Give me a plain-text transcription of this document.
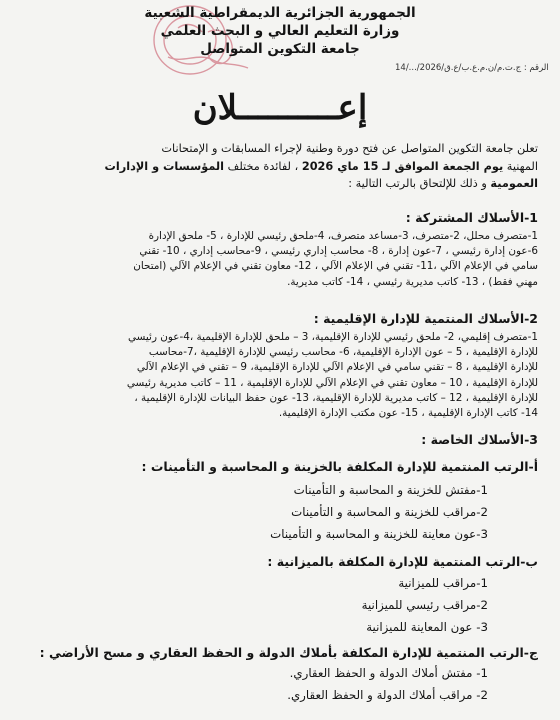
الجمهورية الجزائرية الديمقراطية الشعبية
وزارة التعليم العالي و البحث العلمي
جامعة التكوين المتواصل
الرقم : 14/.../ج.ت.م/ن.م.ع.ب/ع.ق/2026
إعــــــــــلان
تعلن جامعة التكوين المتواصل عن فتح دورة وطنية لإجراء المسابقات و الإمتحانات
المهنية يوم الجمعة الموافق لـ 15 ماي 2026 ، لفائدة مختلف المؤسسات و الإدارات
العمومية و ذلك للإلتحاق بالرتب التالية :
1-الأسلاك المشتركة :
1-متصرف محلل، 2-متصرف، 3-مساعد متصرف، 4-ملحق رئيسي للإدارة ، 5- ملحق الإدارة
6-عون إدارة رئيسي ، 7-عون إدارة ، 8- محاسب إداري رئيسي ، 9-محاسب إداري ، 10- تقني
سامي في الإعلام الآلي ،11- تقني في الإعلام الآلي ، 12- معاون تقني في الإعلام الآلي (امتحان
مهني فقط) ، 13- كاتب مديرية رئيسي ، 14- كاتب مديرية.
2-الأسلاك المنتمية للإدارة الإقليمية :
1-متصرف إقليمي، 2- ملحق رئيسي للإدارة الإقليمية، 3 – ملحق للإدارة الإقليمية ،4-عون رئيسي
للإدارة الإقليمية ، 5 – عون الإدارة الإقليمية، 6- محاسب رئيسي للإدارة الإقليمية ،7-محاسب
للإدارة الإقليمية ، 8 – تقني سامي في الإعلام الآلي للإدارة الإقليمية، 9 – تقني في الإعلام الآلي
للإدارة الإقليمية ، 10 – معاون تقني في الإعلام الآلي للإدارة الإقليمية ، 11 – كاتب مديرية رئيسي
للإدارة الإقليمية ، 12 – كاتب مديرية للإدارة الإقليمية، 13- عون حفظ البيانات للإدارة الإقليمية ،
14- كاتب الإدارة الإقليمية ، 15- عون مكتب الإدارة الإقليمية.
3-الأسلاك الخاصة :
أ-الرتب المنتمية للإدارة المكلفة بالخزينة و المحاسبة و التأمينات :
1-مفتش للخزينة و المحاسبة و التأمينات
2-مراقب للخزينة و المحاسبة و التأمينات
3-عون معاينة للخزينة و المحاسبة و التأمينات
ب-الرتب المنتمية للإدارة المكلفة بالميزانية :
1-مراقب للميزانية
2-مراقب رئيسي للميزانية
3- عون المعاينة للميزانية
ج-الرتب المنتمية للإدارة المكلفة بأملاك الدولة و الحفظ العقاري و مسح الأراضي :
1- مفتش أملاك الدولة و الحفظ العقاري.
2- مراقب أملاك الدولة و الحفظ العقاري.
